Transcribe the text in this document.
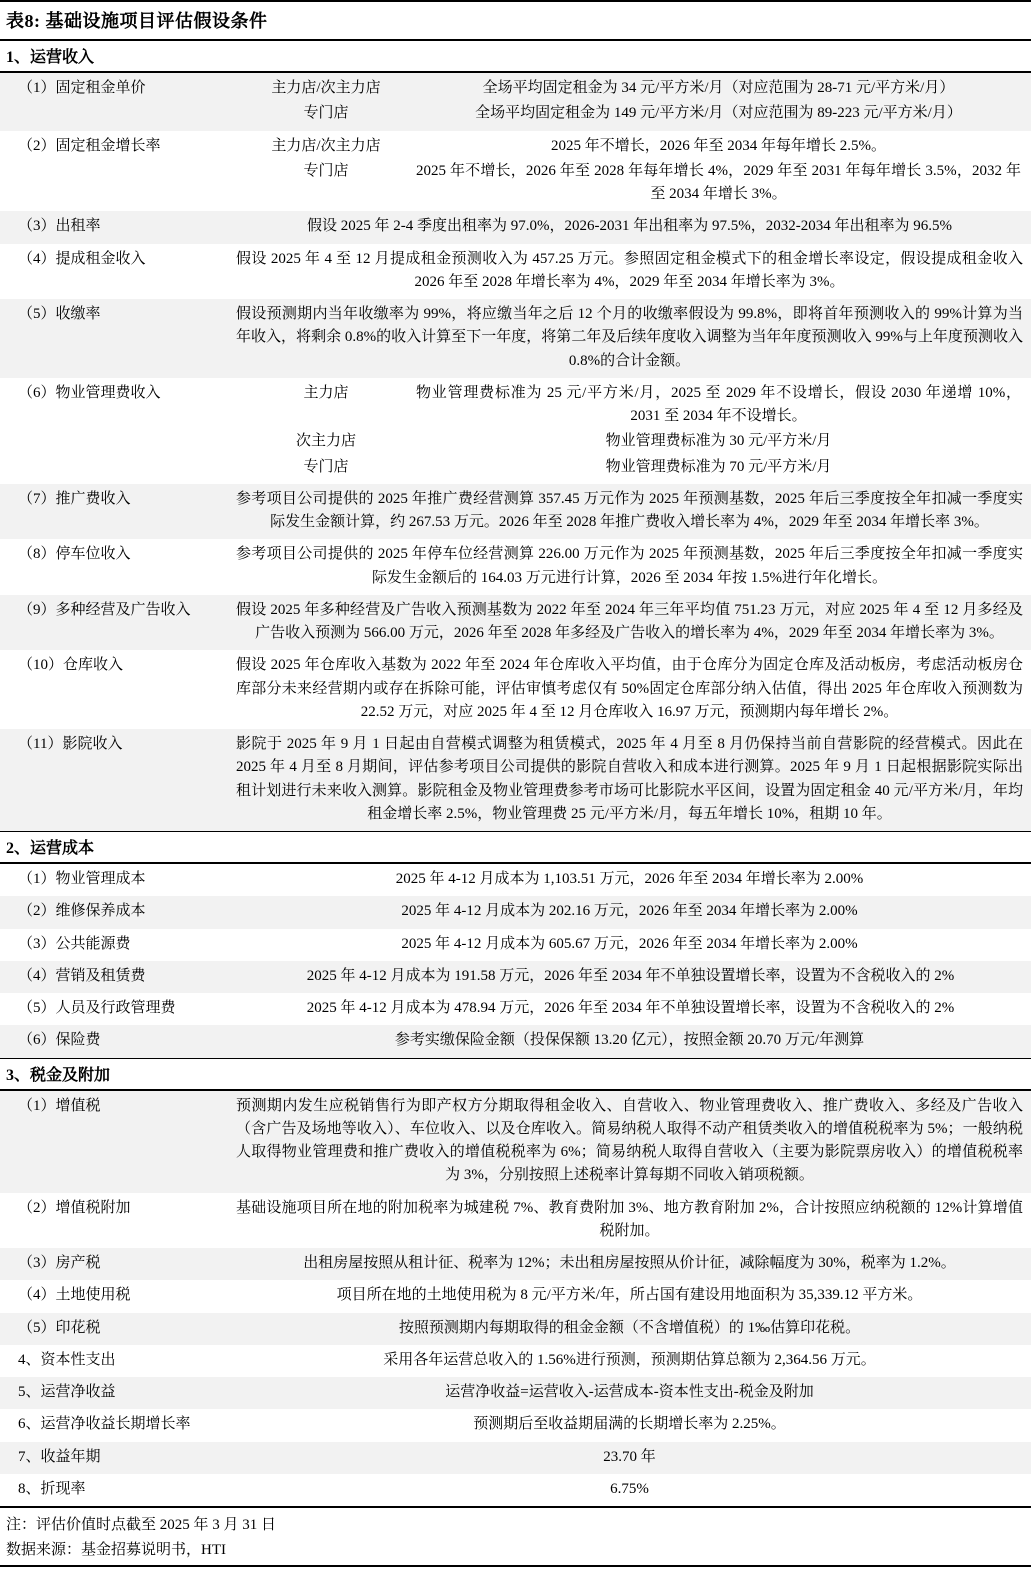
表8: 基础设施项目评估假设条件	
1、运营收入	
（1）固定租金单价	主力店/次主力店 全场平均固定租金为 34 元/平方米/月（对应范围为 28-71 元/平方米/月）
专门店 全场平均固定租金为 149 元/平方米/月（对应范围为 89-223 元/平方米/月）

（2）固定租金增长率	主力店/次主力店 2025 年不增长，2026 年至 2034 年每年增长 2.5%。
专门店 2025 年不增长，2026 年至 2028 年每年增长 4%，2029 年至 2031 年每年增长 3.5%，2032 年至 2034 年增长 3%。

（3）出租率	假设 2025 年 2-4 季度出租率为 97.0%，2026-2031 年出租率为 97.5%，2032-2034 年出租率为 96.5%
（4）提成租金收入	假设 2025 年 4 至 12 月提成租金预测收入为 457.25 万元。参照固定租金模式下的租金增长率设定，假设提成租金收入 2026 年至 2028 年增长率为 4%，2029 年至 2034 年增长率为 3%。
（5）收缴率	假设预测期内当年收缴率为 99%，将应缴当年之后 12 个月的收缴率假设为 99.8%，即将首年预测收入的 99%计算为当年收入，将剩余 0.8%的收入计算至下一年度，将第二年及后续年度收入调整为当年年度预测收入 99%与上年度预测收入 0.8%的合计金额。
（6）物业管理费收入	主力店	物业管理费标准为 25 元/平方米/月，2025 至 2029 年不设增长，假设 2030 年递增 10%，2031 至 2034 年不设增长。
次主力店	物业管理费标准为 30 元/平方米/月
专门店	物业管理费标准为 70 元/平方米/月

（7）推广费收入	参考项目公司提供的 2025 年推广费经营测算 357.45 万元作为 2025 年预测基数，2025 年后三季度按全年扣减一季度实际发生金额计算，约 267.53 万元。2026 年至 2028 年推广费收入增长率为 4%，2029 年至 2034 年增长率 3%。
（8）停车位收入	参考项目公司提供的 2025 年停车位经营测算 226.00 万元作为 2025 年预测基数，2025 年后三季度按全年扣减一季度实际发生金额后的 164.03 万元进行计算，2026 至 2034 年按 1.5%进行年化增长。
（9）多种经营及广告收入	假设 2025 年多种经营及广告收入预测基数为 2022 年至 2024 年三年平均值 751.23 万元，对应 2025 年 4 至 12 月多经及广告收入预测为 566.00 万元，2026 年至 2028 年多经及广告收入的增长率为 4%，2029 年至 2034 年增长率为 3%。
（10）仓库收入	假设 2025 年仓库收入基数为 2022 年至 2024 年仓库收入平均值，由于仓库分为固定仓库及活动板房，考虑活动板房仓库部分未来经营期内或存在拆除可能，评估审慎考虑仅有 50%固定仓库部分纳入估值，得出 2025 年仓库收入预测数为 22.52 万元，对应 2025 年 4 至 12 月仓库收入 16.97 万元，预测期内每年增长 2%。
（11）影院收入	影院于 2025 年 9 月 1 日起由自营模式调整为租赁模式，2025 年 4 月至 8 月仍保持当前自营影院的经营模式。因此在 2025 年 4 月至 8 月期间，评估参考项目公司提供的影院自营收入和成本进行测算。2025 年 9 月 1 日起根据影院实际出租计划进行未来收入测算。影院租金及物业管理费参考市场可比影院水平区间，设置为固定租金 40 元/平方米/月，年均租金增长率 2.5%，物业管理费 25 元/平方米/月，每五年增长 10%，租期 10 年。
2、运营成本	
（1）物业管理成本	2025 年 4-12 月成本为 1,103.51 万元，2026 年至 2034 年增长率为 2.00%
（2）维修保养成本	2025 年 4-12 月成本为 202.16 万元，2026 年至 2034 年增长率为 2.00%
（3）公共能源费	2025 年 4-12 月成本为 605.67 万元，2026 年至 2034 年增长率为 2.00%
（4）营销及租赁费	2025 年 4-12 月成本为 191.58 万元，2026 年至 2034 年不单独设置增长率，设置为不含税收入的 2%
（5）人员及行政管理费	2025 年 4-12 月成本为 478.94 万元，2026 年至 2034 年不单独设置增长率，设置为不含税收入的 2%
（6）保险费	参考实缴保险金额（投保保额 13.20 亿元），按照金额 20.70 万元/年测算
3、税金及附加	
（1）增值税	预测期内发生应税销售行为即产权方分期取得租金收入、自营收入、物业管理费收入、推广费收入、多经及广告收入（含广告及场地等收入）、车位收入、以及仓库收入。简易纳税人取得不动产租赁类收入的增值税税率为 5%；一般纳税人取得物业管理费和推广费收入的增值税税率为 6%；简易纳税人取得自营收入（主要为影院票房收入）的增值税税率为 3%，分别按照上述税率计算每期不同收入销项税额。
（2）增值税附加	基础设施项目所在地的附加税率为城建税 7%、教育费附加 3%、地方教育附加 2%，合计按照应纳税额的 12%计算增值税附加。
（3）房产税	出租房屋按照从租计征、税率为 12%；未出租房屋按照从价计征，减除幅度为 30%，税率为 1.2%。
（4）土地使用税	项目所在地的土地使用税为 8 元/平方米/年，所占国有建设用地面积为 35,339.12 平方米。
（5）印花税	按照预测期内每期取得的租金金额（不含增值税）的 1‰估算印花税。
4、资本性支出	采用各年运营总收入的 1.56%进行预测，预测期估算总额为 2,364.56 万元。
5、运营净收益	运营净收益=运营收入-运营成本-资本性支出-税金及附加
6、运营净收益长期增长率	预测期后至收益期届满的长期增长率为 2.25%。
7、收益年期	23.70 年
8、折现率	6.75%

注：评估价值时点截至 2025 年 3 月 31 日
数据来源：基金招募说明书，HTI	
